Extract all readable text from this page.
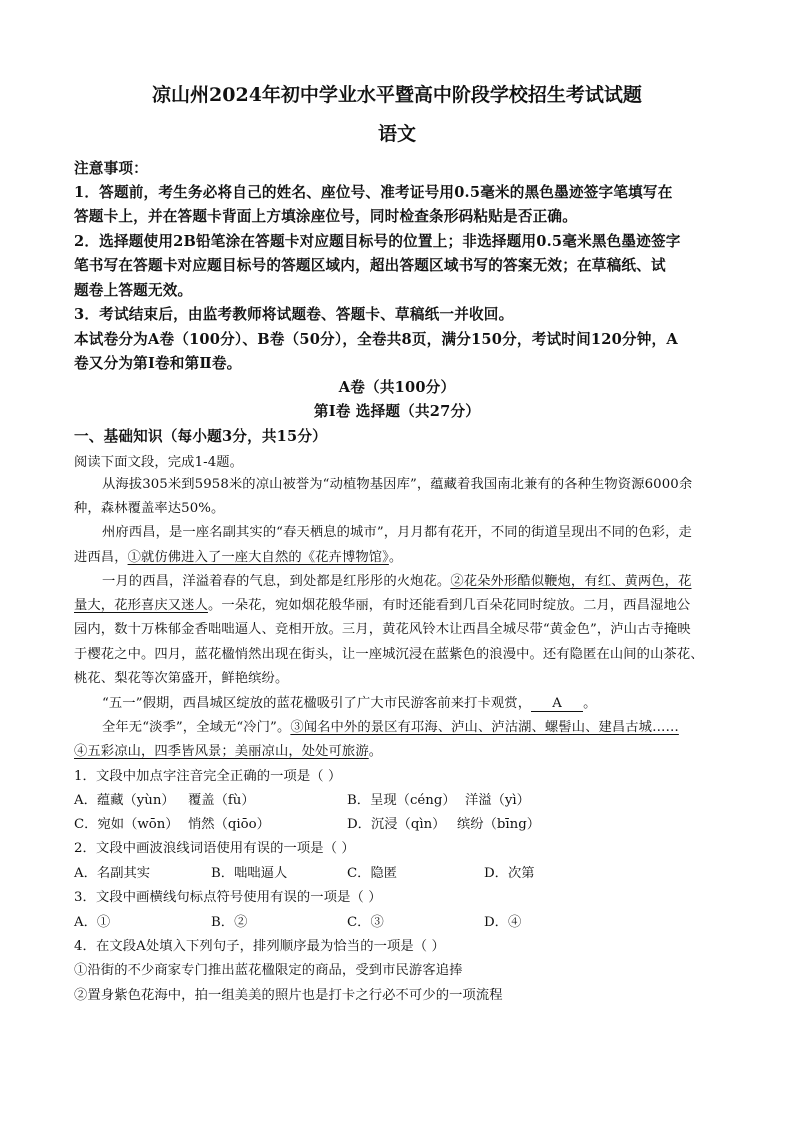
凉山州2024年初中学业水平暨高中阶段学校招生考试试题
语文
注意事项：
1．答题前，考生务必将自己的姓名、座位号、准考证号用0.5毫米的黑色墨迹签字笔填写在
答题卡上，并在答题卡背面上方填涂座位号，同时检查条形码粘贴是否正确。
2．选择题使用2B铅笔涂在答题卡对应题目标号的位置上；非选择题用0.5毫米黑色墨迹签字
笔书写在答题卡对应题目标号的答题区域内，超出答题区域书写的答案无效；在草稿纸、试
题卷上答题无效。
3．考试结束后，由监考教师将试题卷、答题卡、草稿纸一并收回。
本试卷分为A卷（100分）、B卷（50分），全卷共8页，满分150分，考试时间120分钟，A
卷又分为第Ⅰ卷和第Ⅱ卷。
A卷（共100分）
第Ⅰ卷 选择题（共27分）
一、基础知识（每小题3分，共15分）
阅读下面文段，完成1-4题。
从海拔305米到5958米的凉山被誉为“动植物基因库”，蕴藏着我国南北兼有的各种生物资源6000余
种，森林覆盖率达50%。
州府西昌，是一座名副其实的“春天栖息的城市”，月月都有花开，不同的街道呈现出不同的色彩，走
进西昌，①就仿佛进入了一座大自然的《花卉博物馆》。
一月的西昌，洋溢着春的气息，到处都是红彤彤的火炮花。②花朵外形酷似鞭炮，有红、黄两色，花
量大，花形喜庆又迷人。一朵花，宛如烟花般华丽，有时还能看到几百朵花同时绽放。二月，西昌湿地公
园内，数十万株郁金香咄咄逼人、竞相开放。三月，黄花风铃木让西昌全城尽带“黄金色”，泸山古寺掩映
于樱花之中。四月，蓝花楹悄然出现在街头，让一座城沉浸在蓝紫色的浪漫中。还有隐匿在山间的山茶花、
桃花、梨花等次第盛开，鲜艳缤纷。
“五一”假期，西昌城区绽放的蓝花楹吸引了广大市民游客前来打卡观赏， A 。
全年无“淡季”，全域无“冷门”。③闻名中外的景区有邛海、泸山、泸沽湖、螺髻山、建昌古城……
④五彩凉山，四季皆风景；美丽凉山，处处可旅游。
1．文段中加点字注音完全正确的一项是（ ）
A．蕴藏（yùn） 覆盖（fù）	B．呈现（céng） 洋溢（yì）
C．宛如（wōn） 悄然（qiōo）	D．沉浸（qìn） 缤纷（bīng）
2．文段中画波浪线词语使用有误的一项是（ ）
A．名副其实	B．咄咄逼人	C．隐匿	D．次第
3．文段中画横线句标点符号使用有误的一项是（ ）
A．①	B．②	C．③	D．④
4．在文段A处填入下列句子，排列顺序最为恰当的一项是（ ）
①沿街的不少商家专门推出蓝花楹限定的商品，受到市民游客追捧
②置身紫色花海中，拍一组美美的照片也是打卡之行必不可少的一项流程
